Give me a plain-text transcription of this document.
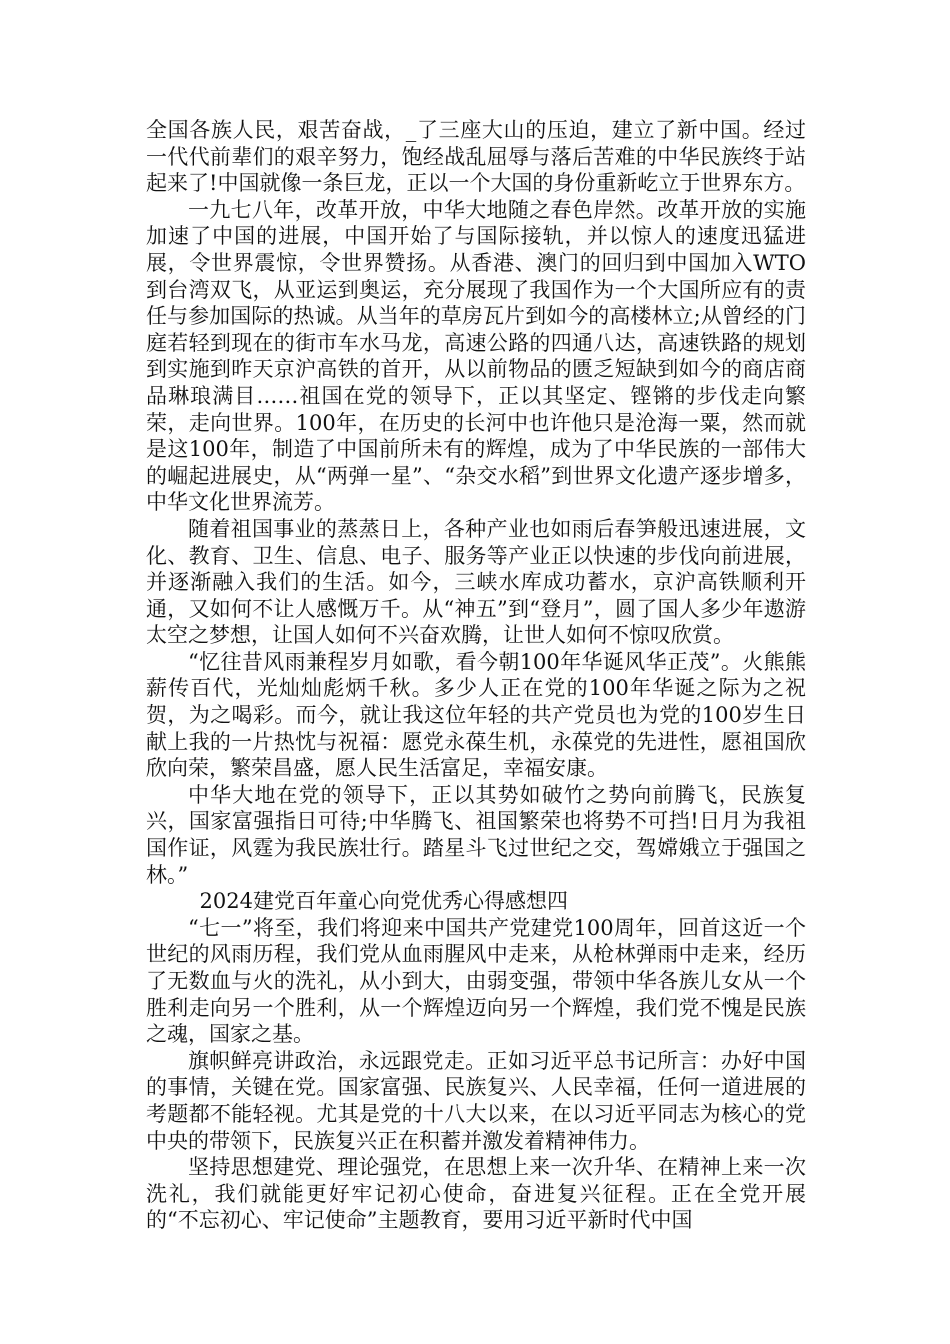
全国各族人民，艰苦奋战，_了三座大山的压迫，建立了新中国。经过一代代前辈们的艰辛努力，饱经战乱屈辱与落后苦难的中华民族终于站起来了!中国就像一条巨龙，正以一个大国的身份重新屹立于世界东方。

一九七八年，改革开放，中华大地随之春色岸然。改革开放的实施加速了中国的进展，中国开始了与国际接轨，并以惊人的速度迅猛进展，令世界震惊，令世界赞扬。从香港、澳门的回归到中国加入WTO到台湾双飞，从亚运到奥运，充分展现了我国作为一个大国所应有的责任与参加国际的热诚。从当年的草房瓦片到如今的高楼林立;从曾经的门庭若轻到现在的街市车水马龙，高速公路的四通八达，高速铁路的规划到实施到昨天京沪高铁的首开，从以前物品的匮乏短缺到如今的商店商品琳琅满目……祖国在党的领导下，正以其坚定、铿锵的步伐走向繁荣，走向世界。100年，在历史的长河中也许他只是沧海一粟，然而就是这100年，制造了中国前所未有的辉煌，成为了中华民族的一部伟大的崛起进展史，从“两弹一星”、“杂交水稻”到世界文化遗产逐步增多，中华文化世界流芳。

随着祖国事业的蒸蒸日上，各种产业也如雨后春笋般迅速进展，文化、教育、卫生、信息、电子、服务等产业正以快速的步伐向前进展，并逐渐融入我们的生活。如今，三峡水库成功蓄水，京沪高铁顺利开通，又如何不让人感慨万千。从“神五”到“登月”，圆了国人多少年遨游太空之梦想，让国人如何不兴奋欢腾，让世人如何不惊叹欣赏。

“忆往昔风雨兼程岁月如歌，看今朝100年华诞风华正茂”。火熊熊薪传百代，光灿灿彪炳千秋。多少人正在党的100年华诞之际为之祝贺，为之喝彩。而今，就让我这位年轻的共产党员也为党的100岁生日献上我的一片热忱与祝福：愿党永葆生机，永葆党的先进性，愿祖国欣欣向荣，繁荣昌盛，愿人民生活富足，幸福安康。

中华大地在党的领导下，正以其势如破竹之势向前腾飞，民族复兴，国家富强指日可待;中华腾飞、祖国繁荣也将势不可挡!日月为我祖国作证，风霆为我民族壮行。踏星斗飞过世纪之交，驾嫦娥立于强国之林。”

2024建党百年童心向党优秀心得感想四

“七一”将至，我们将迎来中国共产党建党100周年，回首这近一个世纪的风雨历程，我们党从血雨腥风中走来，从枪林弹雨中走来，经历了无数血与火的洗礼，从小到大，由弱变强，带领中华各族儿女从一个胜利走向另一个胜利，从一个辉煌迈向另一个辉煌，我们党不愧是民族之魂，国家之基。

旗帜鲜亮讲政治，永远跟党走。正如习近平总书记所言：办好中国的事情，关键在党。国家富强、民族复兴、人民幸福，任何一道进展的考题都不能轻视。尤其是党的十八大以来，在以习近平同志为核心的党中央的带领下，民族复兴正在积蓄并激发着精神伟力。

坚持思想建党、理论强党，在思想上来一次升华、在精神上来一次洗礼，我们就能更好牢记初心使命，奋进复兴征程。正在全党开展的“不忘初心、牢记使命”主题教育，要用习近平新时代中国
